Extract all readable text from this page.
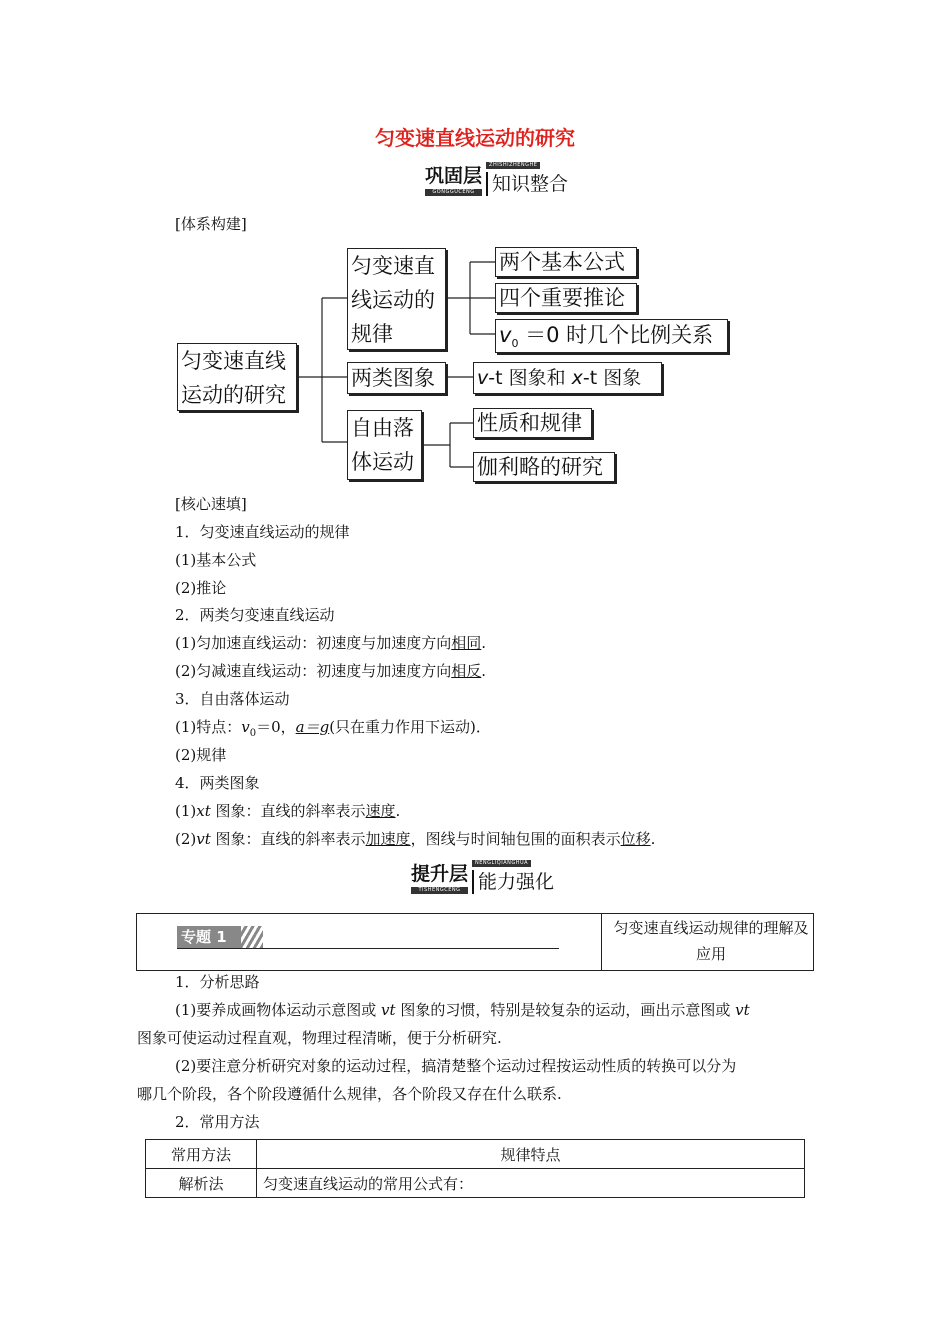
匀变速直线运动的研究
巩固层
GONGGUCENG
ZHISHIZHENGHE
知识整合
[体系构建]
匀变速直线
运动的研究
匀变速直
线运动的
规律
两个基本公式
四个重要推论
$v_0 =0$ 时几个比例关系
两类图象	v-t 图象和 x-t 图象
自由落
体运动
性质和规律
伽利略的研究
[核心速填]
1．匀变速直线运动的规律
(1)基本公式
(2)推论
2．两类匀变速直线运动
(1)匀加速直线运动：初速度与加速度方向相同.
(2)匀减速直线运动：初速度与加速度方向相反.
3．自由落体运动
(1)特点：$v_0=0$，a＝g(只在重力作用下运动)．
(2)规律
4．两类图象
(1)xt 图象：直线的斜率表示速度.
(2)vt 图象：直线的斜率表示加速度，图线与时间轴包围的面积表示位移.
提升层
TISHENGCENG
NENGLIQIANGHUA
能力强化
专题 1	匀变速直线运动规律的理解及应用
1．分析思路
(1)要养成画物体运动示意图或 vt 图象的习惯，特别是较复杂的运动，画出示意图或 vt
图象可使运动过程直观，物理过程清晰，便于分析研究.
(2)要注意分析研究对象的运动过程，搞清楚整个运动过程按运动性质的转换可以分为
哪几个阶段，各个阶段遵循什么规律，各个阶段又存在什么联系.
2．常用方法
常用方法	规律特点
解析法	匀变速直线运动的常用公式有：
